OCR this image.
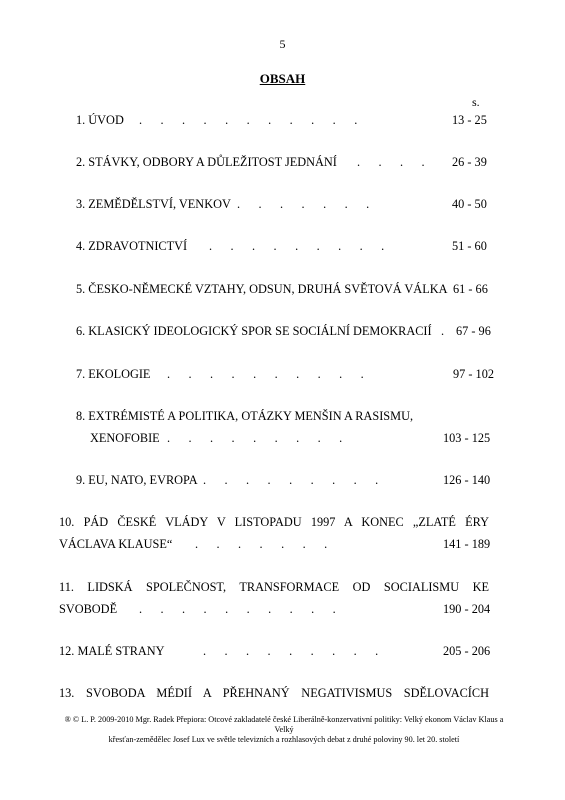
5
OBSAH
s.
1. ÚVOD .      .      .      .      .      .      .      .      .      .      .	13 - 25
2. STÁVKY, ODBORY A DŮLEŽITOST JEDNÁNÍ .      .      .      . 26 - 39
3. ZEMĚDĚLSTVÍ, VENKOV .      .      .      .      .      .      .	40 - 50
4. ZDRAVOTNICTVÍ .      .      .      .      .      .      .      .      .	51 - 60
5. ČESKO-NĚMECKÉ VZTAHY, ODSUN, DRUHÁ SVĚTOVÁ VÁLKA 61 - 66
6. KLASICKÝ IDEOLOGICKÝ SPOR SE SOCIÁLNÍ DEMOKRACIÍ . 67 - 96
7. EKOLOGIE .      .      .      .      .      .      .      .      .      .	97 - 102
8. EXTRÉMISTÉ A POLITIKA, OTÁZKY MENŠIN A RASISMU,
XENOFOBIE .      .      .      .      .      .      .      .      .	103 - 125
9. EU, NATO, EVROPA .      .      .      .      .      .      .      .      .	126 - 140
10. PÁD ČESKÉ VLÁDY V LISTOPADU 1997 A KONEC „ZLATÉ ÉRY
VÁCLAVA KLAUSE“ .      .      .      .      .      .      .	141 - 189
11. LIDSKÁ SPOLEČNOST, TRANSFORMACE OD SOCIALISMU KE
SVOBODĚ .      .      .      .      .      .      .      .      .      .	190 - 204
12. MALÉ STRANY	.      .      .      .      .      .      .      .      .	205 - 206
13. SVOBODA MÉDIÍ A PŘEHNANÝ NEGATIVISMUS SDĚLOVACÍCH
® © L. P. 2009-2010 Mgr. Radek Přepiora: Otcové zakladatelé české Liberálně-konzervativní politiky: Velký ekonom Václav Klaus a Velký
křesťan-zemědělec Josef Lux ve světle televizních a rozhlasových debat z druhé poloviny 90. let 20. století
